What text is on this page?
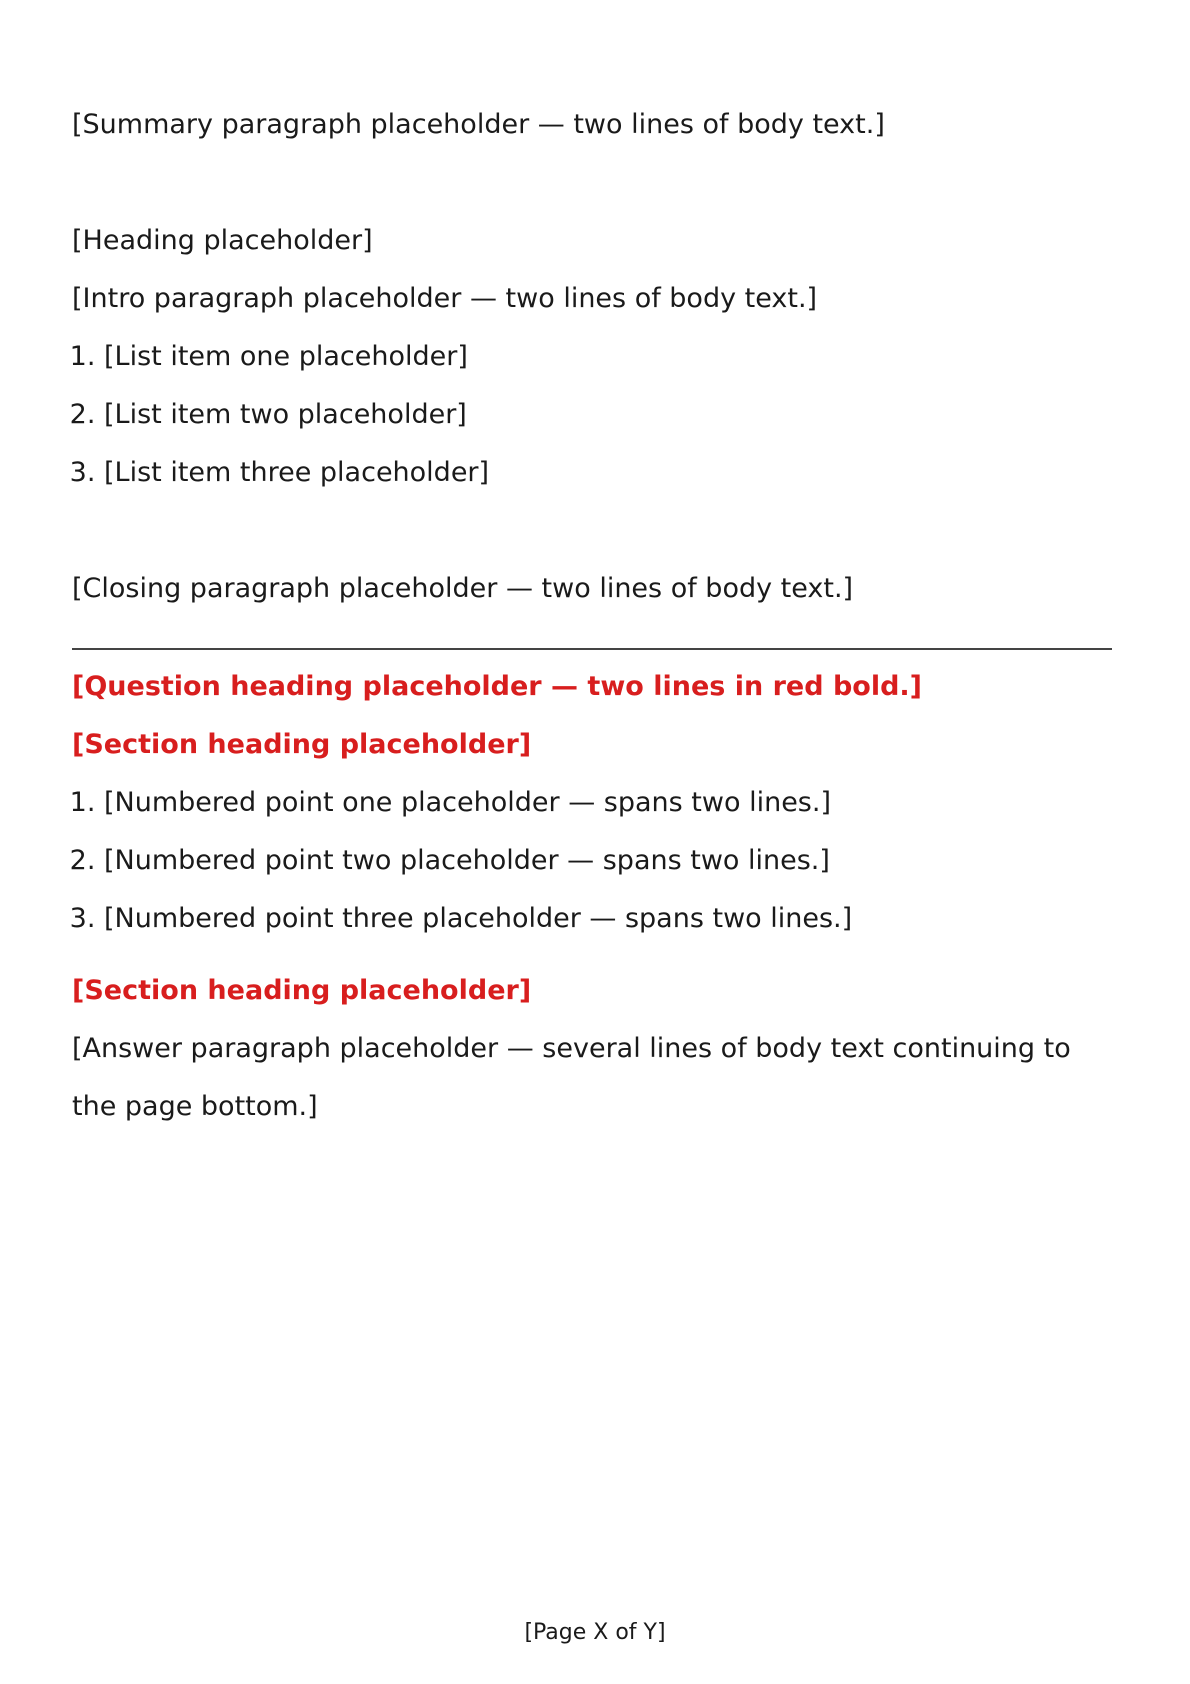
[Summary paragraph placeholder — two lines of body text.]

[Heading placeholder]

[Intro paragraph placeholder — two lines of body text.]

1. [List item one placeholder]
2. [List item two placeholder]
3. [List item three placeholder]

[Closing paragraph placeholder — two lines of body text.]

[Question heading placeholder — two lines in red bold.]

[Section heading placeholder]
1. [Numbered point one placeholder — spans two lines.]
2. [Numbered point two placeholder — spans two lines.]
3. [Numbered point three placeholder — spans two lines.]
[Section heading placeholder]

[Answer paragraph placeholder — several lines of body text continuing to the page bottom.]

[Page X of Y]
